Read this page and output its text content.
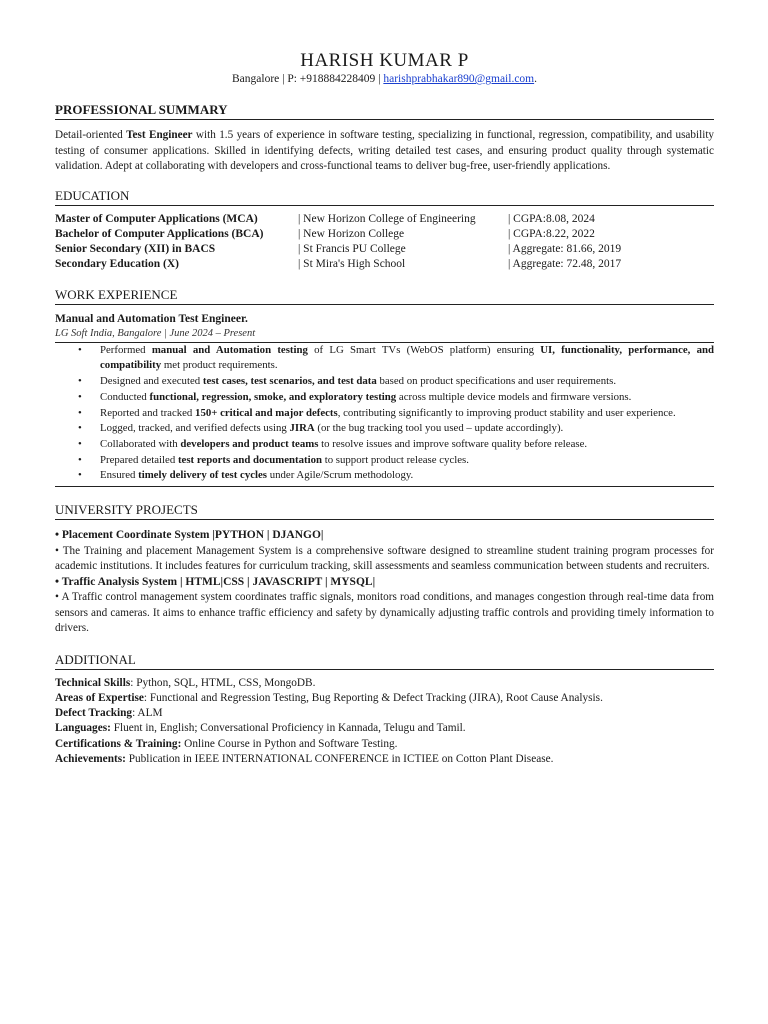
HARISH KUMAR P
Bangalore | P: +918884228409 | harishprabhakar890@gmail.com.
PROFESSIONAL SUMMARY
Detail-oriented Test Engineer with 1.5 years of experience in software testing, specializing in functional, regression, compatibility, and usability testing of consumer applications. Skilled in identifying defects, writing detailed test cases, and ensuring product quality through systematic validation. Adept at collaborating with developers and cross-functional teams to deliver bug-free, user-friendly applications.
EDUCATION
Master of Computer Applications (MCA)	| New Horizon College of Engineering	| CGPA:8.08, 2024
Bachelor of Computer Applications (BCA)	| New Horizon College	| CGPA:8.22, 2022
Senior Secondary (XII) in BACS	| St Francis PU College	| Aggregate: 81.66, 2019
Secondary Education (X)	| St Mira's High School	| Aggregate: 72.48, 2017
WORK EXPERIENCE
Manual and Automation Test Engineer.
LG Soft India, Bangalore | June 2024 – Present
• Performed manual and Automation testing of LG Smart TVs (WebOS platform) ensuring UI, functionality, performance, and compatibility met product requirements.
• Designed and executed test cases, test scenarios, and test data based on product specifications and user requirements.
• Conducted functional, regression, smoke, and exploratory testing across multiple device models and firmware versions.
• Reported and tracked 150+ critical and major defects, contributing significantly to improving product stability and user experience.
• Logged, tracked, and verified defects using JIRA (or the bug tracking tool you used – update accordingly).
• Collaborated with developers and product teams to resolve issues and improve software quality before release.
• Prepared detailed test reports and documentation to support product release cycles.
• Ensured timely delivery of test cycles under Agile/Scrum methodology.
UNIVERSITY PROJECTS
• Placement Coordinate System |PYTHON | DJANGO|
• The Training and placement Management System is a comprehensive software designed to streamline student training program processes for academic institutions. It includes features for curriculum tracking, skill assessments and seamless communication between students and recruiters.
• Traffic Analysis System | HTML|CSS | JAVASCRIPT | MYSQL|
• A Traffic control management system coordinates traffic signals, monitors road conditions, and manages congestion through real-time data from sensors and cameras. It aims to enhance traffic efficiency and safety by dynamically adjusting traffic controls and providing timely information to drivers.
ADDITIONAL
Technical Skills: Python, SQL, HTML, CSS, MongoDB.
Areas of Expertise: Functional and Regression Testing, Bug Reporting & Defect Tracking (JIRA), Root Cause Analysis.
Defect Tracking: ALM
Languages: Fluent in, English; Conversational Proficiency in Kannada, Telugu and Tamil.
Certifications & Training: Online Course in Python and Software Testing.
Achievements: Publication in IEEE INTERNATIONAL CONFERENCE in ICTIEE on Cotton Plant Disease.
